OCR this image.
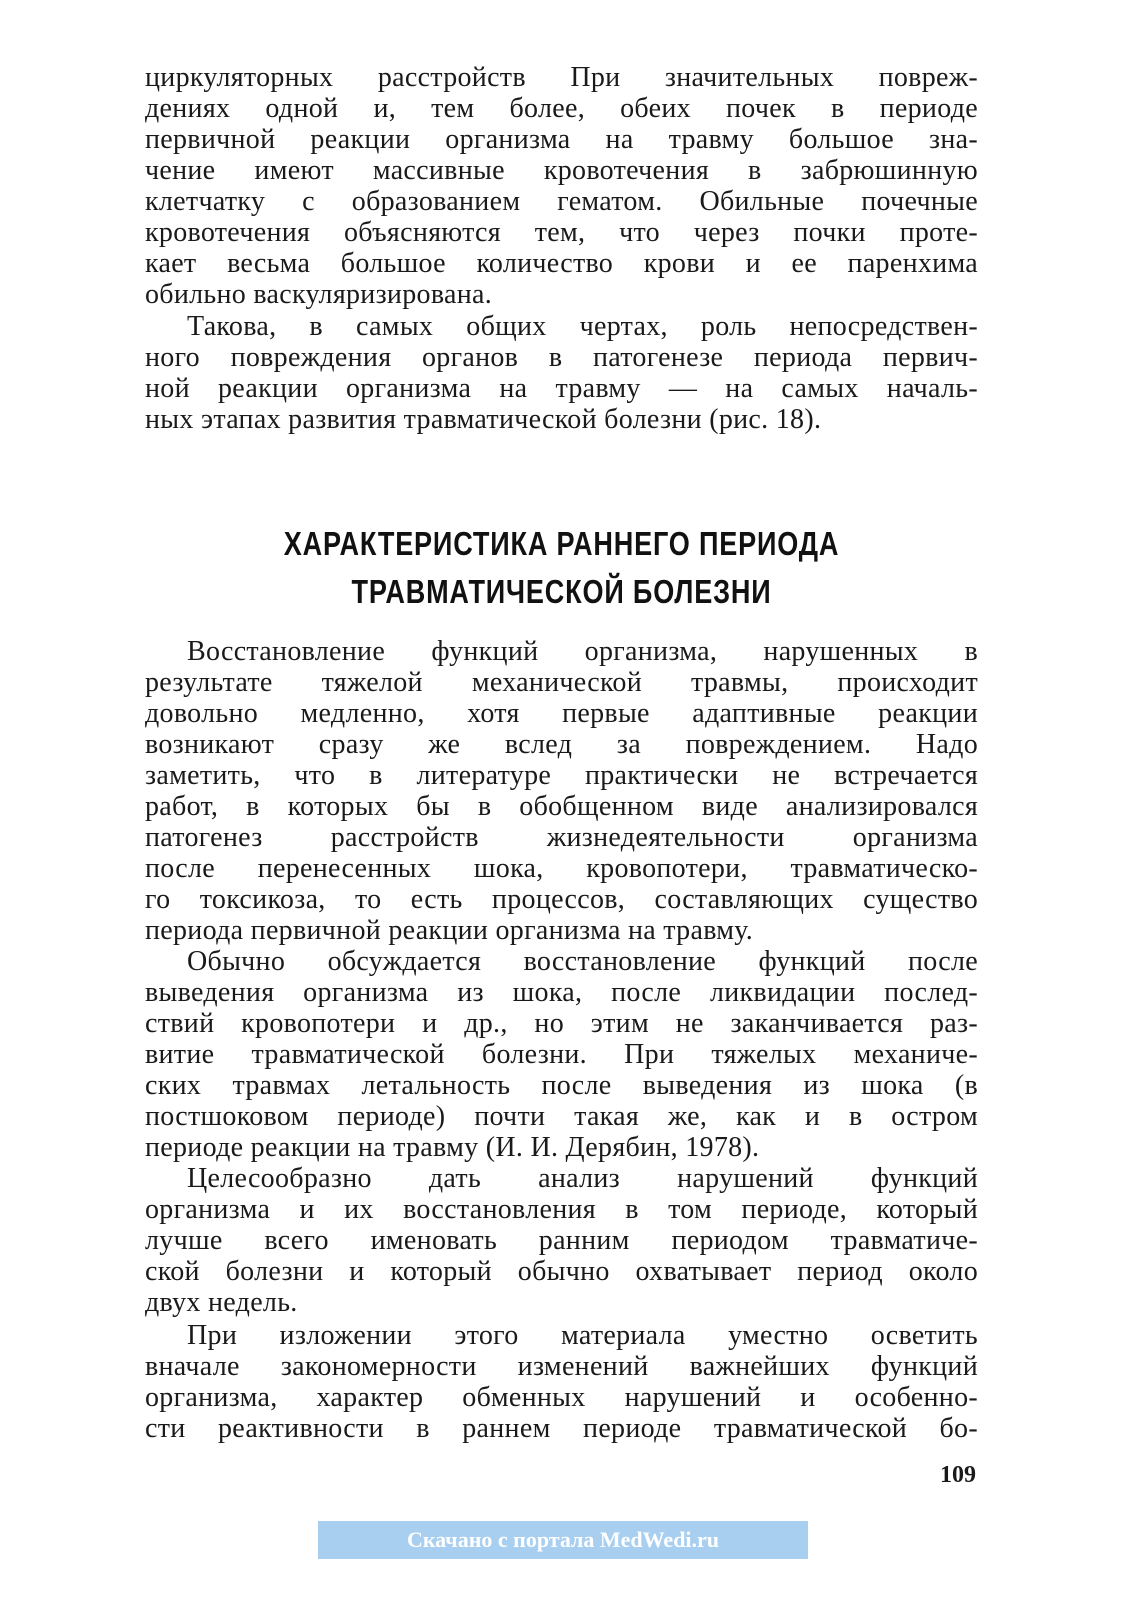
циркуляторных расстройств При значительных повреж-
дениях одной и, тем более, обеих почек в периоде
первичной реакции организма на травму большое зна-
чение имеют массивные кровотечения в забрюшинную
клетчатку с образованием гематом. Обильные почечные
кровотечения объясняются тем, что через почки проте-
кает весьма большое количество крови и ее паренхима
обильно васкуляризирована.
Такова, в самых общих чертах, роль непосредствен-
ного повреждения органов в патогенезе периода первич-
ной реакции организма на травму — на самых началь-
ных этапах развития травматической болезни (рис. 18).
ХАРАКТЕРИСТИКА РАННЕГО ПЕРИОДА
ТРАВМАТИЧЕСКОЙ БОЛЕЗНИ
Восстановление функций организма, нарушенных в
результате тяжелой механической травмы, происходит
довольно медленно, хотя первые адаптивные реакции
возникают сразу же вслед за повреждением. Надо
заметить, что в литературе практически не встречается
работ, в которых бы в обобщенном виде анализировался
патогенез расстройств жизнедеятельности организма
после перенесенных шока, кровопотери, травматическо-
го токсикоза, то есть процессов, составляющих существо
периода первичной реакции организма на травму.
Обычно обсуждается восстановление функций после
выведения организма из шока, после ликвидации послед-
ствий кровопотери и др., но этим не заканчивается раз-
витие травматической болезни. При тяжелых механиче-
ских травмах летальность после выведения из шока (в
постшоковом периоде) почти такая же, как и в остром
периоде реакции на травму (И. И. Дерябин, 1978).
Целесообразно дать анализ нарушений функций
организма и их восстановления в том периоде, который
лучше всего именовать ранним периодом травматиче-
ской болезни и который обычно охватывает период около
двух недель.
При изложении этого материала уместно осветить
вначале закономерности изменений важнейших функций
организма, характер обменных нарушений и особенно-
сти реактивности в раннем периоде травматической бо-
109
Скачано с портала MedWedi.ru
